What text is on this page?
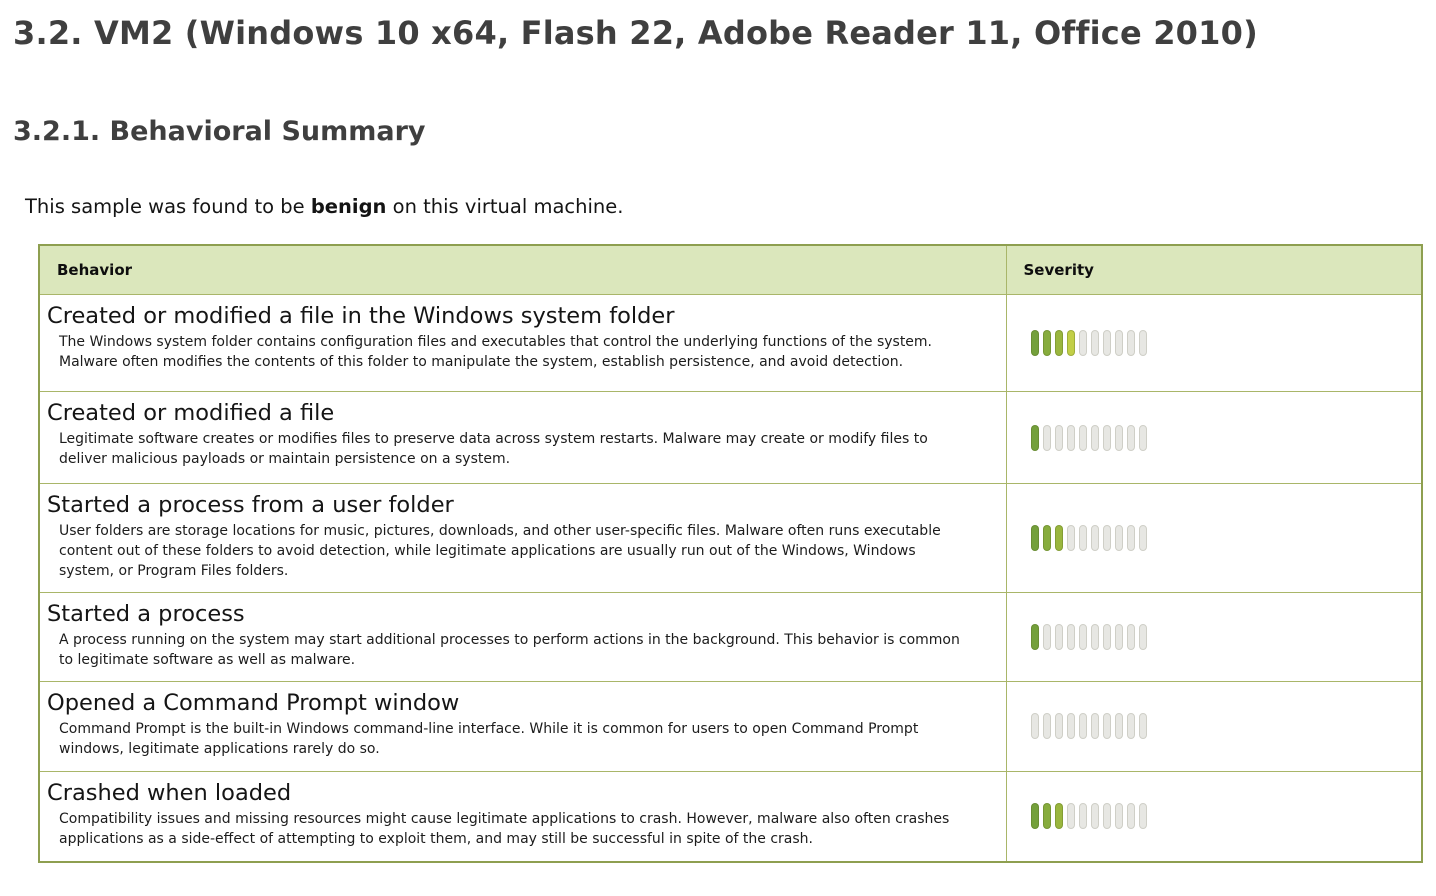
3.2. VM2 (Windows 10 x64, Flash 22, Adobe Reader 11, Office 2010)
3.2.1. Behavioral Summary

This sample was found to be benign on this virtual machine.

Behavior	Severity

Created or modified a file in the Windows system folder
The Windows system folder contains configuration files and executables that control the underlying functions of the system. Malware often modifies the contents of this folder to manipulate the system, establish persistence, and avoid detection.	

Created or modified a file
Legitimate software creates or modifies files to preserve data across system restarts. Malware may create or modify files to deliver malicious payloads or maintain persistence on a system.	

Started a process from a user folder
User folders are storage locations for music, pictures, downloads, and other user-specific files. Malware often runs executable content out of these folders to avoid detection, while legitimate applications are usually run out of the Windows, Windows system, or Program Files folders.	

Started a process
A process running on the system may start additional processes to perform actions in the background. This behavior is common to legitimate software as well as malware.	

Opened a Command Prompt window
Command Prompt is the built-in Windows command-line interface. While it is common for users to open Command Prompt windows, legitimate applications rarely do so.	

Crashed when loaded
Compatibility issues and missing resources might cause legitimate applications to crash. However, malware also often crashes applications as a side-effect of attempting to exploit them, and may still be successful in spite of the crash.	
